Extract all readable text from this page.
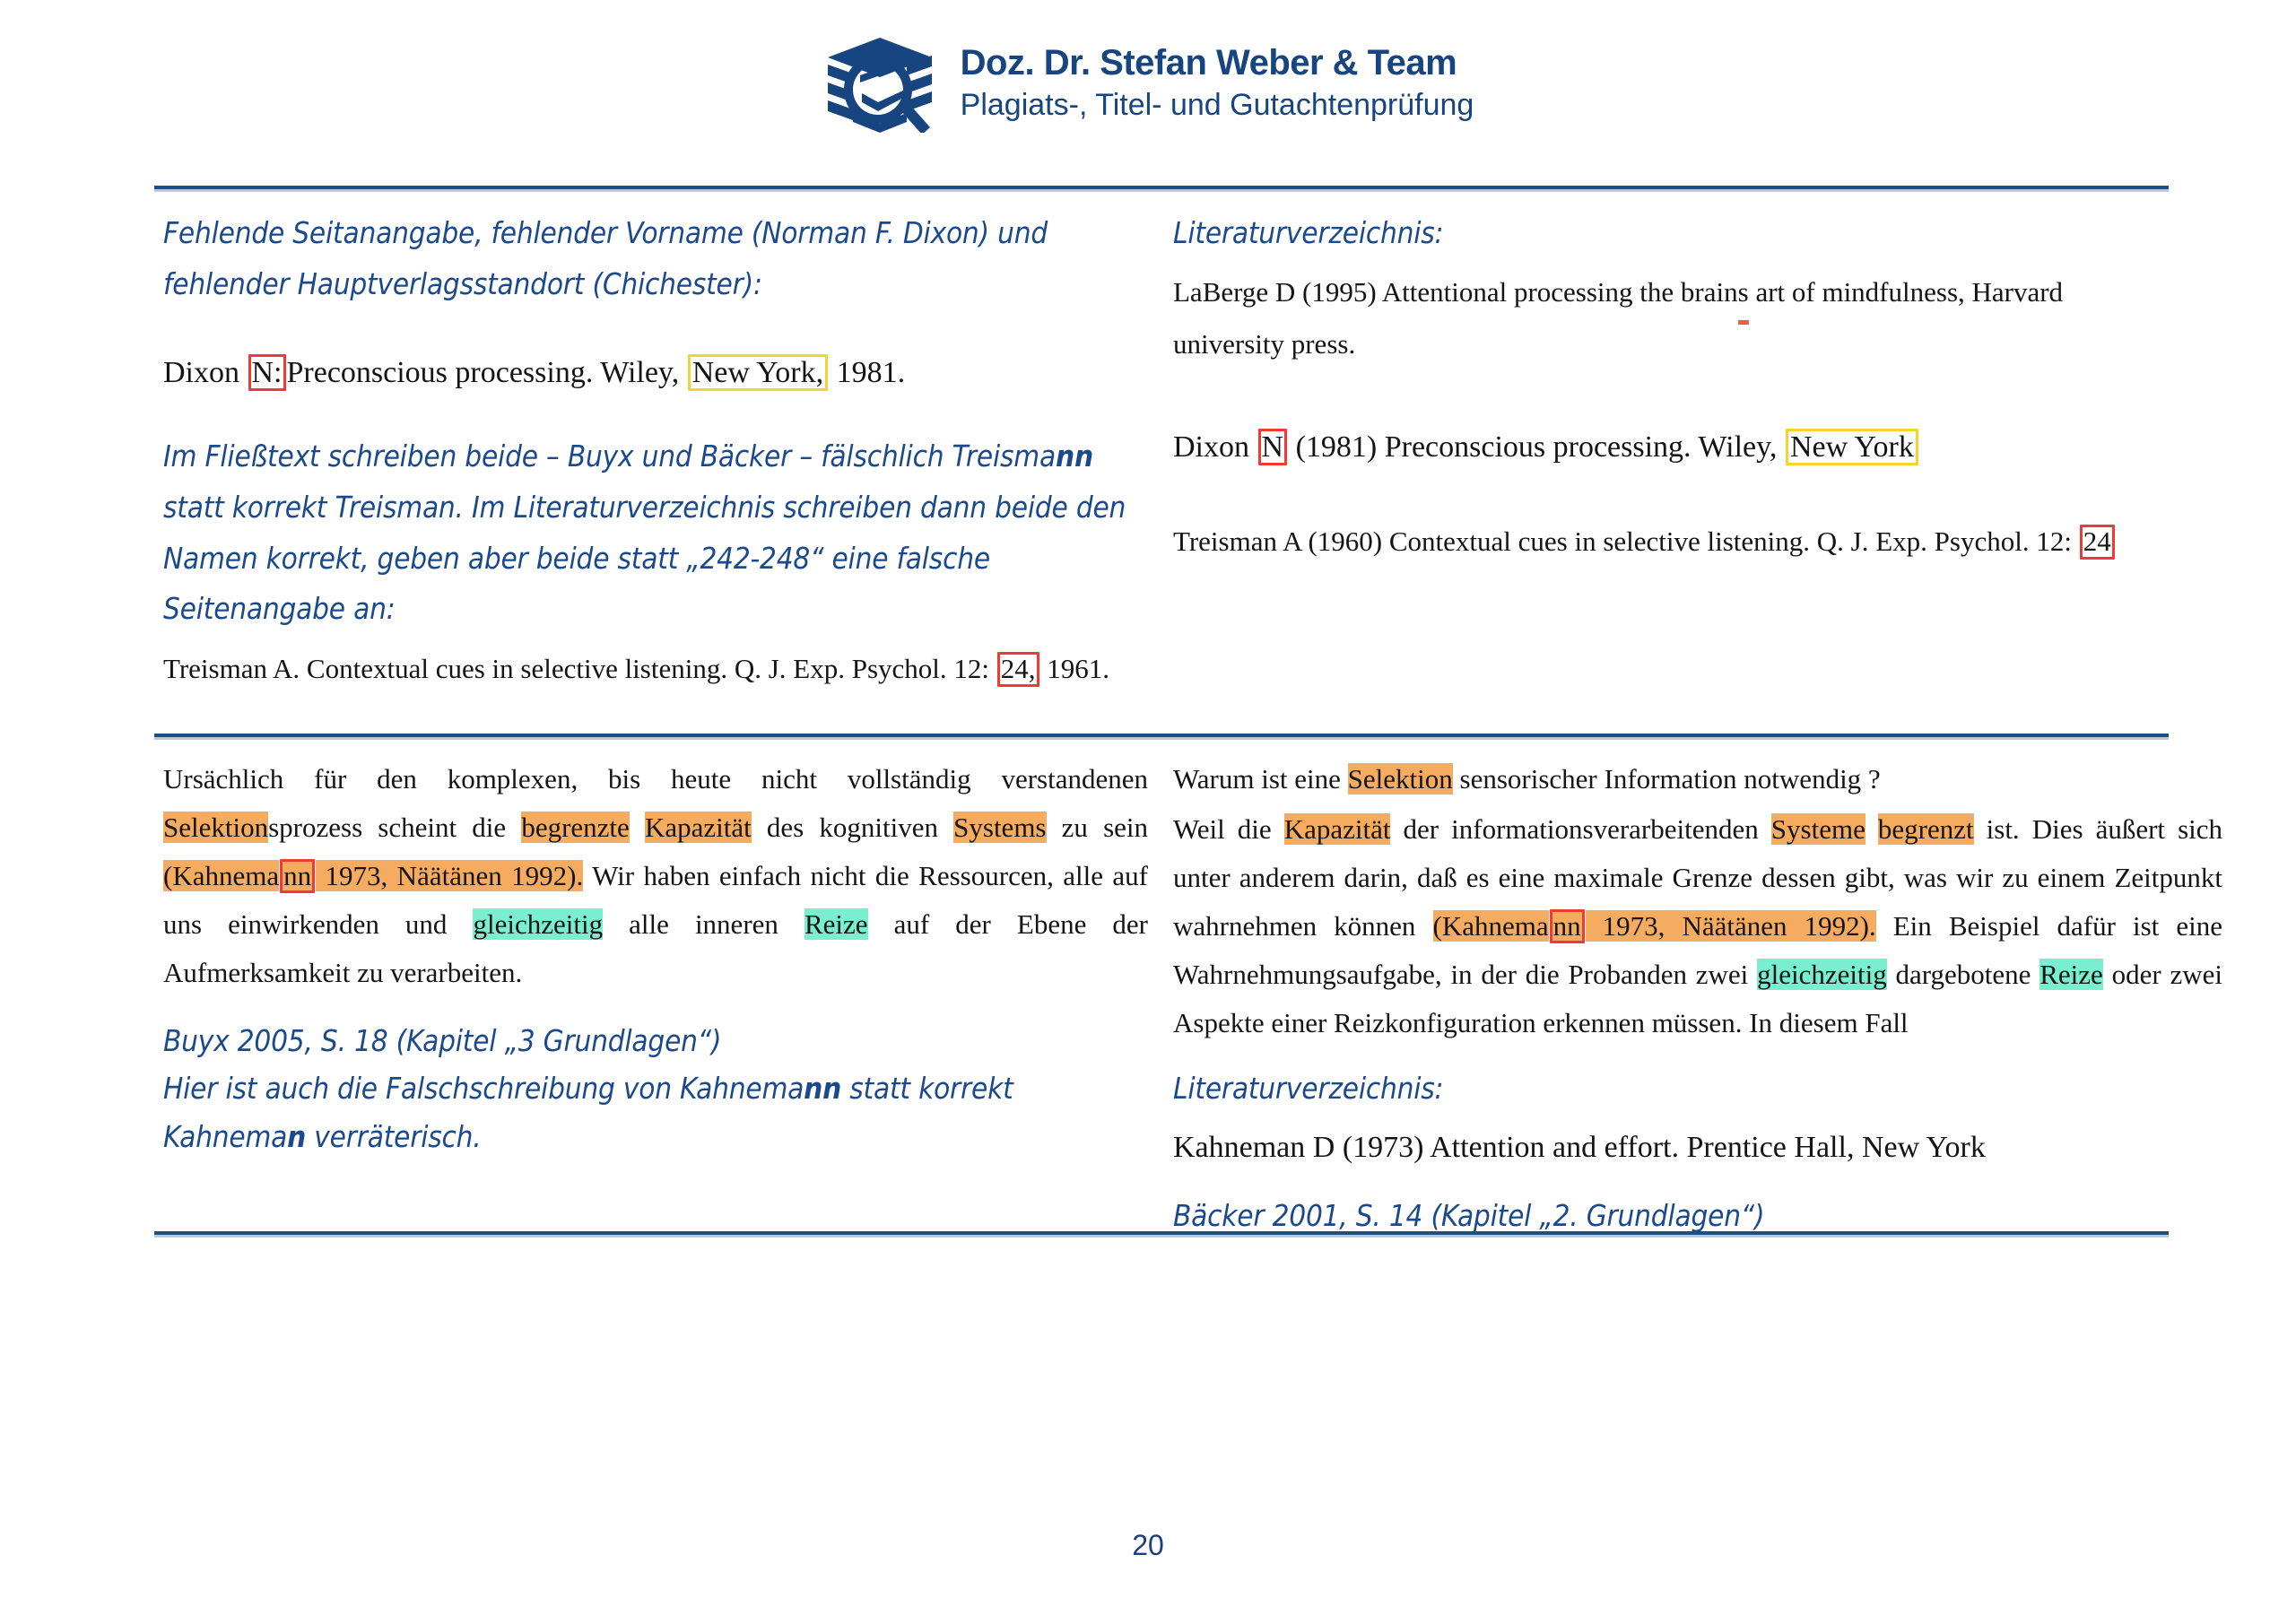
Doz. Dr. Stefan Weber & Team
Plagiats-, Titel- und Gutachtenprüfung
Fehlende Seitanangabe, fehlender Vorname (Norman F. Dixon) und
fehlender Hauptverlagsstandort (Chichester):
Dixon N: Preconscious processing. Wiley, New York, 1981.
Im Fließtext schreiben beide – Buyx und Bäcker – fälschlich Treismann
statt korrekt Treisman. Im Literaturverzeichnis schreiben dann beide den
Namen korrekt, geben aber beide statt „242-248“ eine falsche
Seitenangabe an:
Treisman A. Contextual cues in selective listening. Q. J. Exp. Psychol. 12: 24, 1961.
Literaturverzeichnis:
LaBerge D (1995) Attentional processing the brains art of mindfulness, Harvard
university press.
Dixon N (1981) Preconscious processing. Wiley, New York
Treisman A (1960) Contextual cues in selective listening. Q. J. Exp. Psychol. 12: 24
Ursächlich für den komplexen, bis heute nicht vollständig verstandenen Selektionsprozess scheint die begrenzte Kapazität des kognitiven Systems zu sein (Kahnema nn 1973, Näätänen 1992). Wir haben einfach nicht die Ressourcen, alle auf uns einwirkenden und gleichzeitig alle inneren Reize auf der Ebene der Aufmerksamkeit zu verarbeiten.
Buyx 2005, S. 18 (Kapitel „3 Grundlagen“)
Hier ist auch die Falschschreibung von Kahnemann statt korrekt
Kahneman verräterisch.
Warum ist eine Selektion sensorischer Information notwendig ?
Weil die Kapazität der informationsverarbeitenden Systeme begrenzt ist. Dies äußert sich unter anderem darin, daß es eine maximale Grenze dessen gibt, was wir zu einem Zeitpunkt wahrnehmen können (Kahnema nn 1973, Näätänen 1992). Ein Beispiel dafür ist eine Wahrnehmungsaufgabe, in der die Probanden zwei gleichzeitig dargebotene Reize oder zwei Aspekte einer Reizkonfiguration erkennen müssen. In diesem Fall
Literaturverzeichnis:
Kahneman D (1973) Attention and effort. Prentice Hall, New York
Bäcker 2001, S. 14 (Kapitel „2. Grundlagen“)
20
